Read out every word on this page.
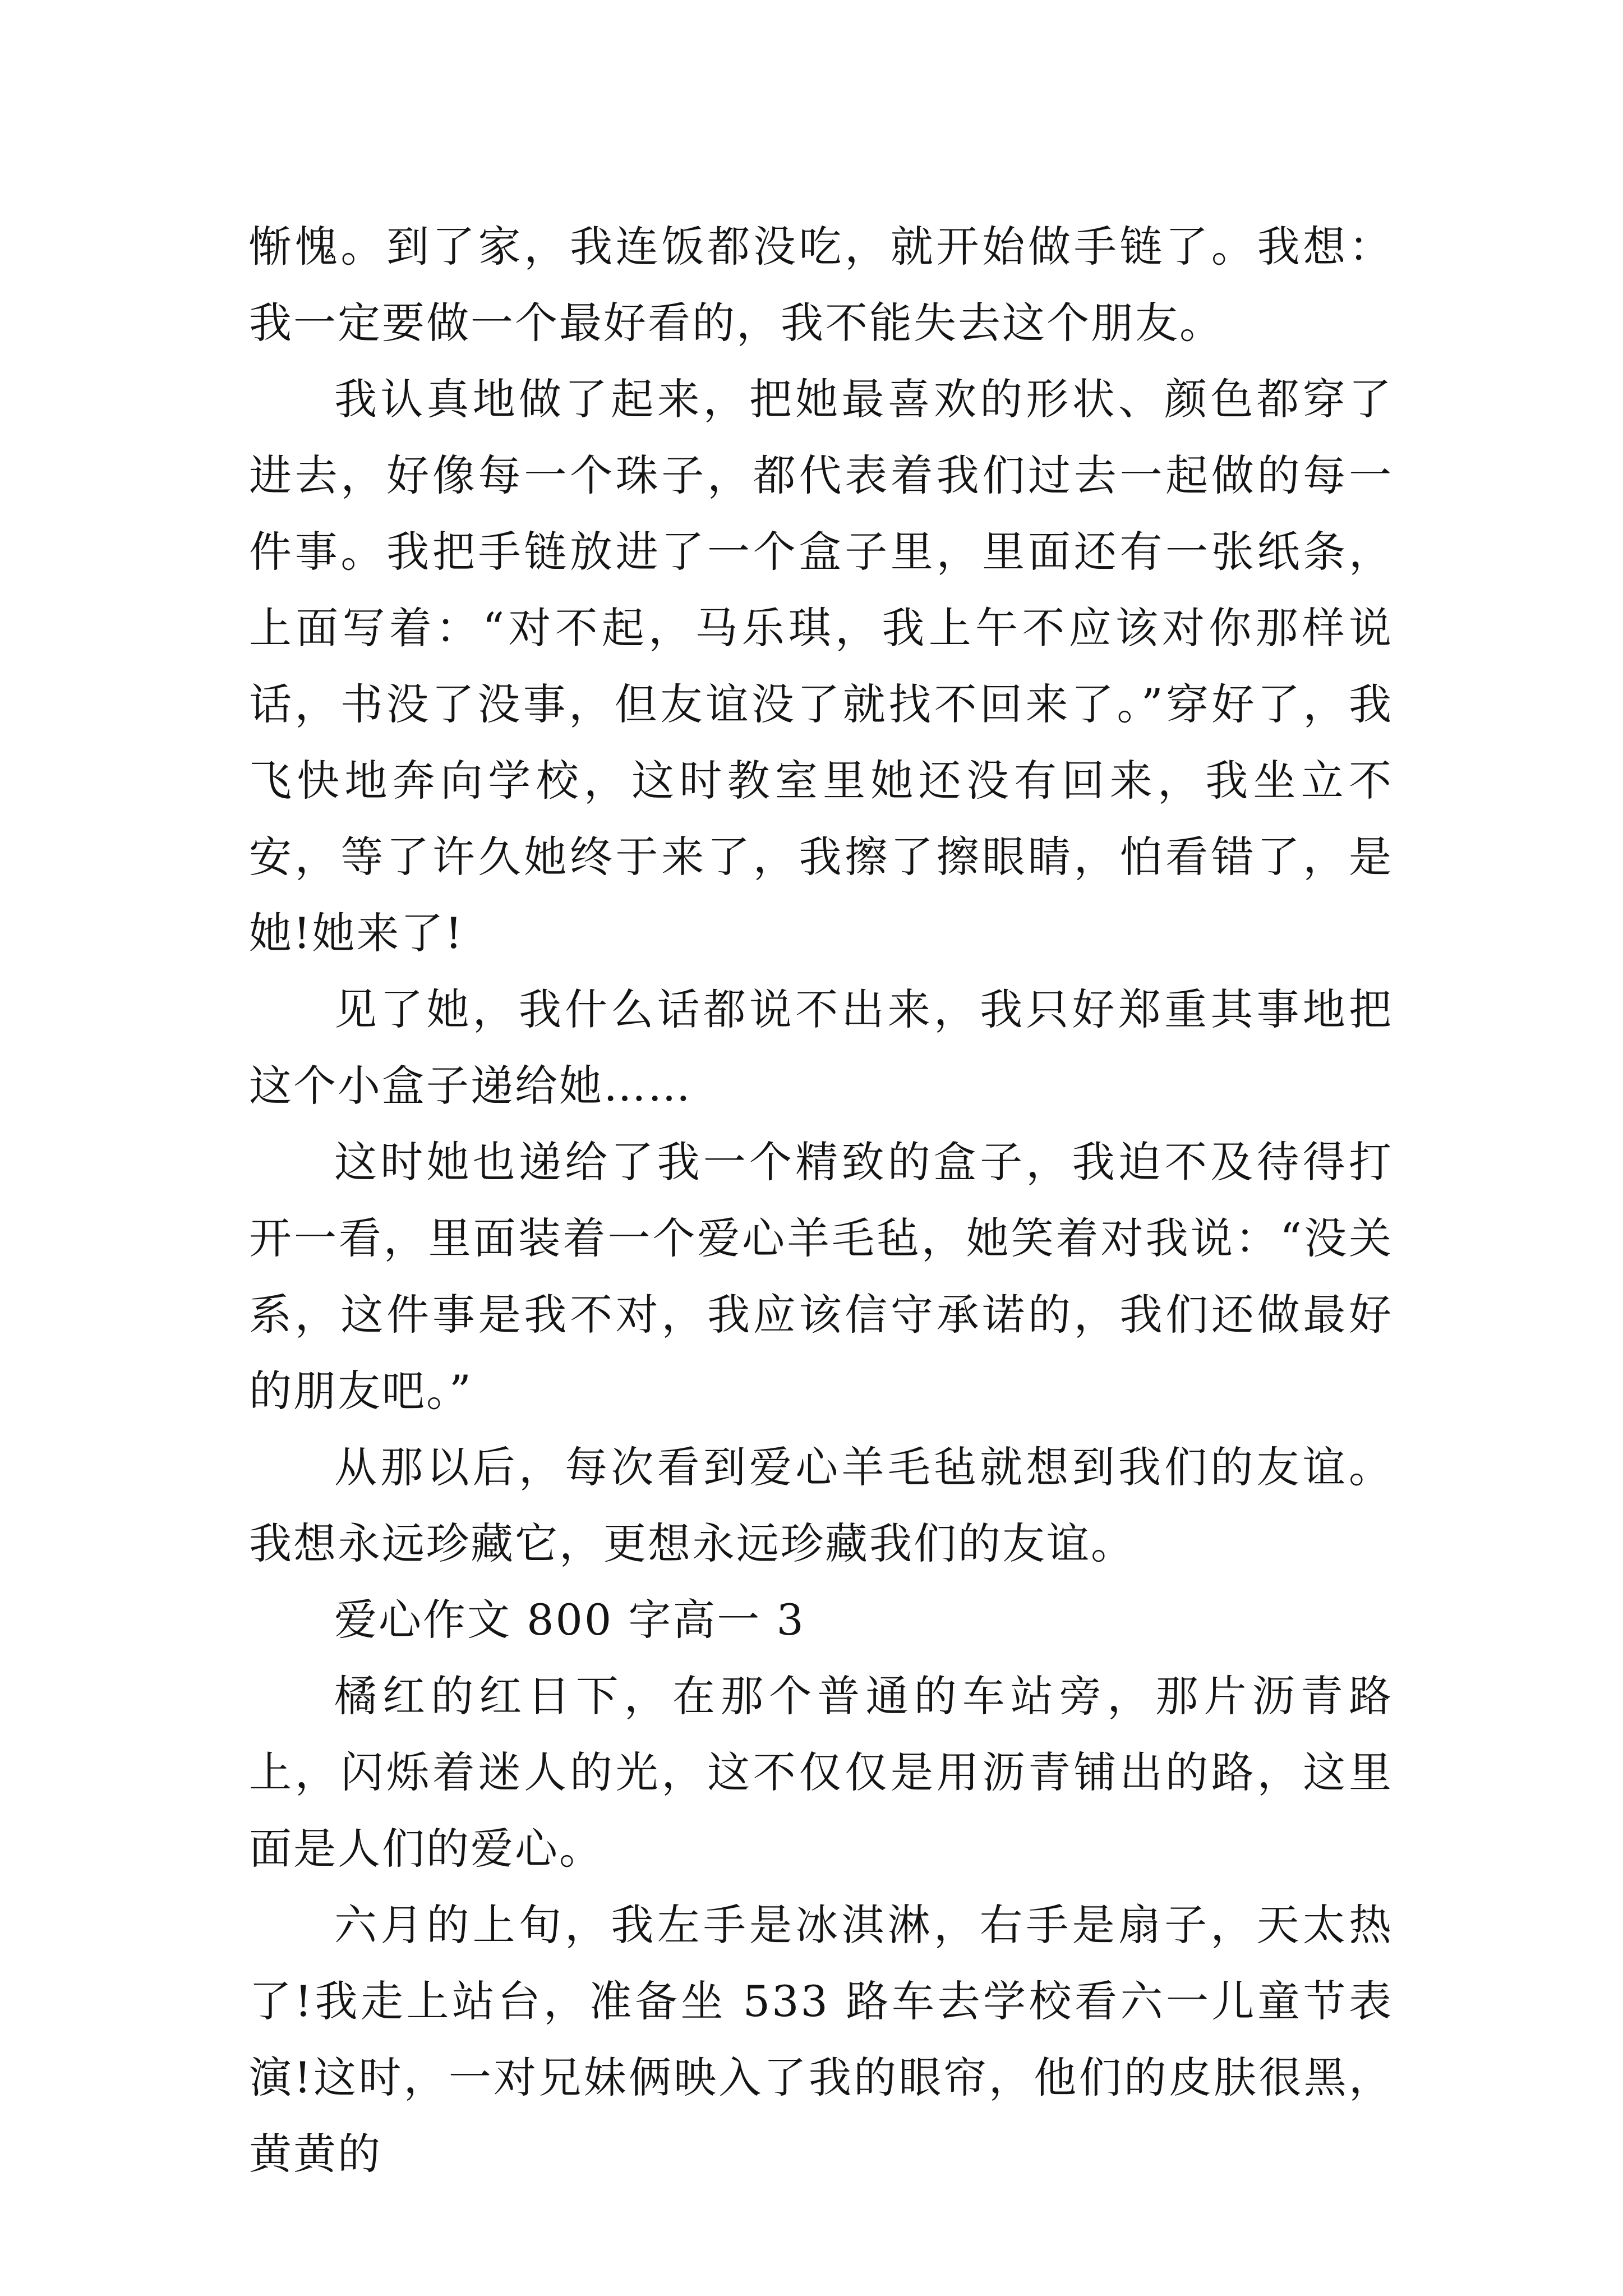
惭愧。到了家，我连饭都没吃，就开始做手链了。我想：我一定要做一个最好看的，我不能失去这个朋友。

我认真地做了起来，把她最喜欢的形状、颜色都穿了进去，好像每一个珠子，都代表着我们过去一起做的每一件事。我把手链放进了一个盒子里，里面还有一张纸条，上面写着：“对不起，马乐琪，我上午不应该对你那样说话，书没了没事，但友谊没了就找不回来了。”穿好了，我飞快地奔向学校，这时教室里她还没有回来，我坐立不安，等了许久她终于来了，我擦了擦眼睛，怕看错了，是她!她来了!

见了她，我什么话都说不出来，我只好郑重其事地把这个小盒子递给她……

这时她也递给了我一个精致的盒子，我迫不及待得打开一看，里面装着一个爱心羊毛毡，她笑着对我说：“没关系，这件事是我不对，我应该信守承诺的，我们还做最好的朋友吧。”

从那以后，每次看到爱心羊毛毡就想到我们的友谊。我想永远珍藏它，更想永远珍藏我们的友谊。

爱心作文 800 字高一 3

橘红的红日下，在那个普通的车站旁，那片沥青路上，闪烁着迷人的光，这不仅仅是用沥青铺出的路，这里面是人们的爱心。

六月的上旬，我左手是冰淇淋，右手是扇子，天太热了!我走上站台，准备坐 533 路车去学校看六一儿童节表演!这时，一对兄妹俩映入了我的眼帘，他们的皮肤很黑，黄黄的
